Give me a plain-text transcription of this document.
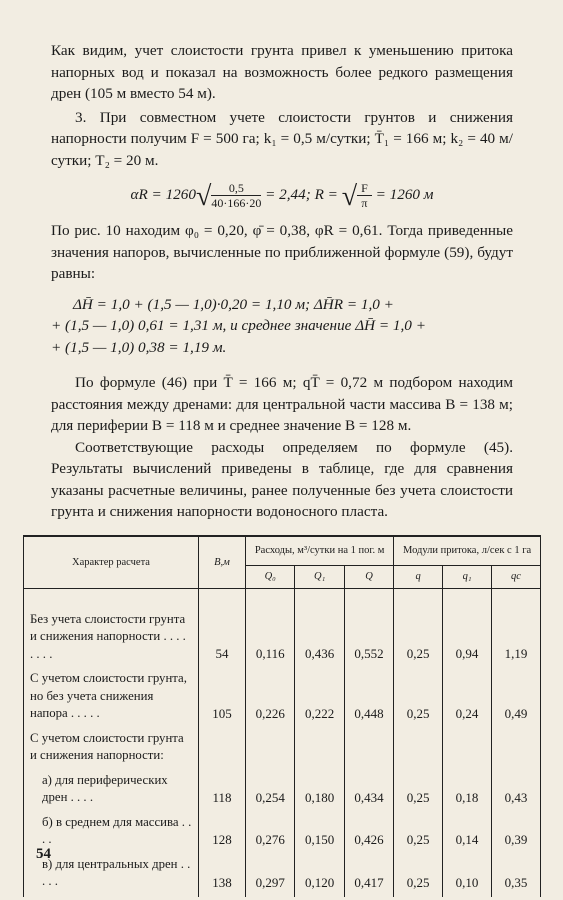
Как видим, учет слоистости грунта привел к уменьшению притока напорных вод и показал на возможность более редкого размещения дрен (105 м вместо 54 м).

3. При совместном учете слоистости грунтов и снижения напорности получим F = 500 га; k₁ = 0,5 м/сутки; T̄₁ = 166 м; k₂ = 40 м/сутки; T₂ = 20 м.

$\alpha R = 1260√ \frac{0,5}{40\cdot 166\cdot 20} = 2,44$; R = √ $\frac{F}{\pi} = 1260$ м

По рис. 10 находим φ₀ = 0,20, φ̄ = 0,38, φR = 0,61. Тогда приведенные значения напоров, вычисленные по приближенной формуле (59), будут равны:

ΔH̄ = 1,0 + (1,5 — 1,0)·0,20 = 1,10 м; ΔH̄R = 1,0 +

+ (1,5 — 1,0) 0,61 = 1,31 м, и среднее значение ΔH̄ = 1,0 +

+ (1,5 — 1,0) 0,38 = 1,19 м.

По формуле (46) при T̄ = 166 м; qT̄ = 0,72 м подбором находим расстояния между дренами: для центральной части массива B = 138 м; для периферии B = 118 м и среднее значение B = 128 м.

Соответствующие расходы определяем по формуле (45). Результаты вычислений приведены в таблице, где для сравнения указаны расчетные величины, ранее полученные без учета слоистости грунта и снижения напорности водоносного пласта.

Характер расчета	B,м	Расходы, м³/сутки на 1 пог. м			Модули притока, л/сек с 1 га		
		Q₀	Q₁	Q	q	q₁	qc

Без учета слоистости грунта и снижения напорности . . . . . . . .	54	0,116	0,436	0,552	0,25	0,94	1,19
С учетом слоистости грунта, но без учета снижения напора . . . . .	105	0,226	0,222	0,448	0,25	0,24	0,49
С учетом слоистости грунта и снижения напорности:							
а) для периферических дрен . . . .	118	0,254	0,180	0,434	0,25	0,18	0,43
б) в среднем для массива . . . .	128	0,276	0,150	0,426	0,25	0,14	0,39
в) для центральных дрен . . . . .	138	0,297	0,120	0,417	0,25	0,10	0,35
54
